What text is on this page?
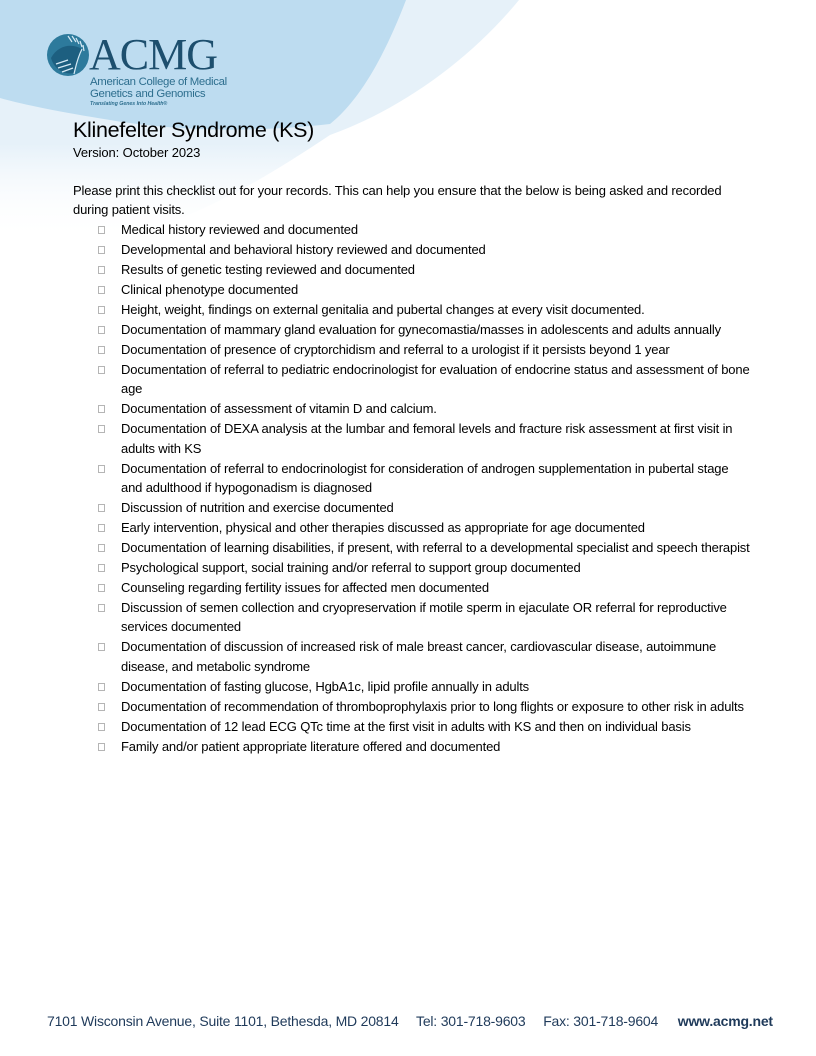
ACMG
American College of Medical
Genetics and Genomics
Translating Genes Into Health®
Klinefelter Syndrome (KS)

Version: October 2023

Please print this checklist out for your records. This can help you ensure that the below is being asked and recorded during patient visits.

Medical history reviewed and documented
Developmental and behavioral history reviewed and documented
Results of genetic testing reviewed and documented
Clinical phenotype documented
Height, weight, findings on external genitalia and pubertal changes at every visit documented.
Documentation of mammary gland evaluation for gynecomastia/masses in adolescents and adults annually
Documentation of presence of cryptorchidism and referral to a urologist if it persists beyond 1 year
Documentation of referral to pediatric endocrinologist for evaluation of endocrine status and assessment of bone age
Documentation of assessment of vitamin D and calcium.
Documentation of DEXA analysis at the lumbar and femoral levels and fracture risk assessment at first visit in adults with KS
Documentation of referral to endocrinologist for consideration of androgen supplementation in pubertal stage and adulthood if hypogonadism is diagnosed
Discussion of nutrition and exercise documented
Early intervention, physical and other therapies discussed as appropriate for age documented
Documentation of learning disabilities, if present, with referral to a developmental specialist and speech therapist
Psychological support, social training and/or referral to support group documented
Counseling regarding fertility issues for affected men documented
Discussion of semen collection and cryopreservation if motile sperm in ejaculate OR referral for reproductive services documented
Documentation of discussion of increased risk of male breast cancer, cardiovascular disease, autoimmune disease, and metabolic syndrome
Documentation of fasting glucose, HgbA1c, lipid profile annually in adults
Documentation of recommendation of thromboprophylaxis prior to long flights or exposure to other risk in adults
Documentation of 12 lead ECG QTc time at the first visit in adults with KS and then on individual basis
Family and/or patient appropriate literature offered and documented
7101 Wisconsin Avenue, Suite 1101, Bethesda, MD 20814 Tel: 301-718-9603 Fax: 301-718-9604 www.acmg.net
